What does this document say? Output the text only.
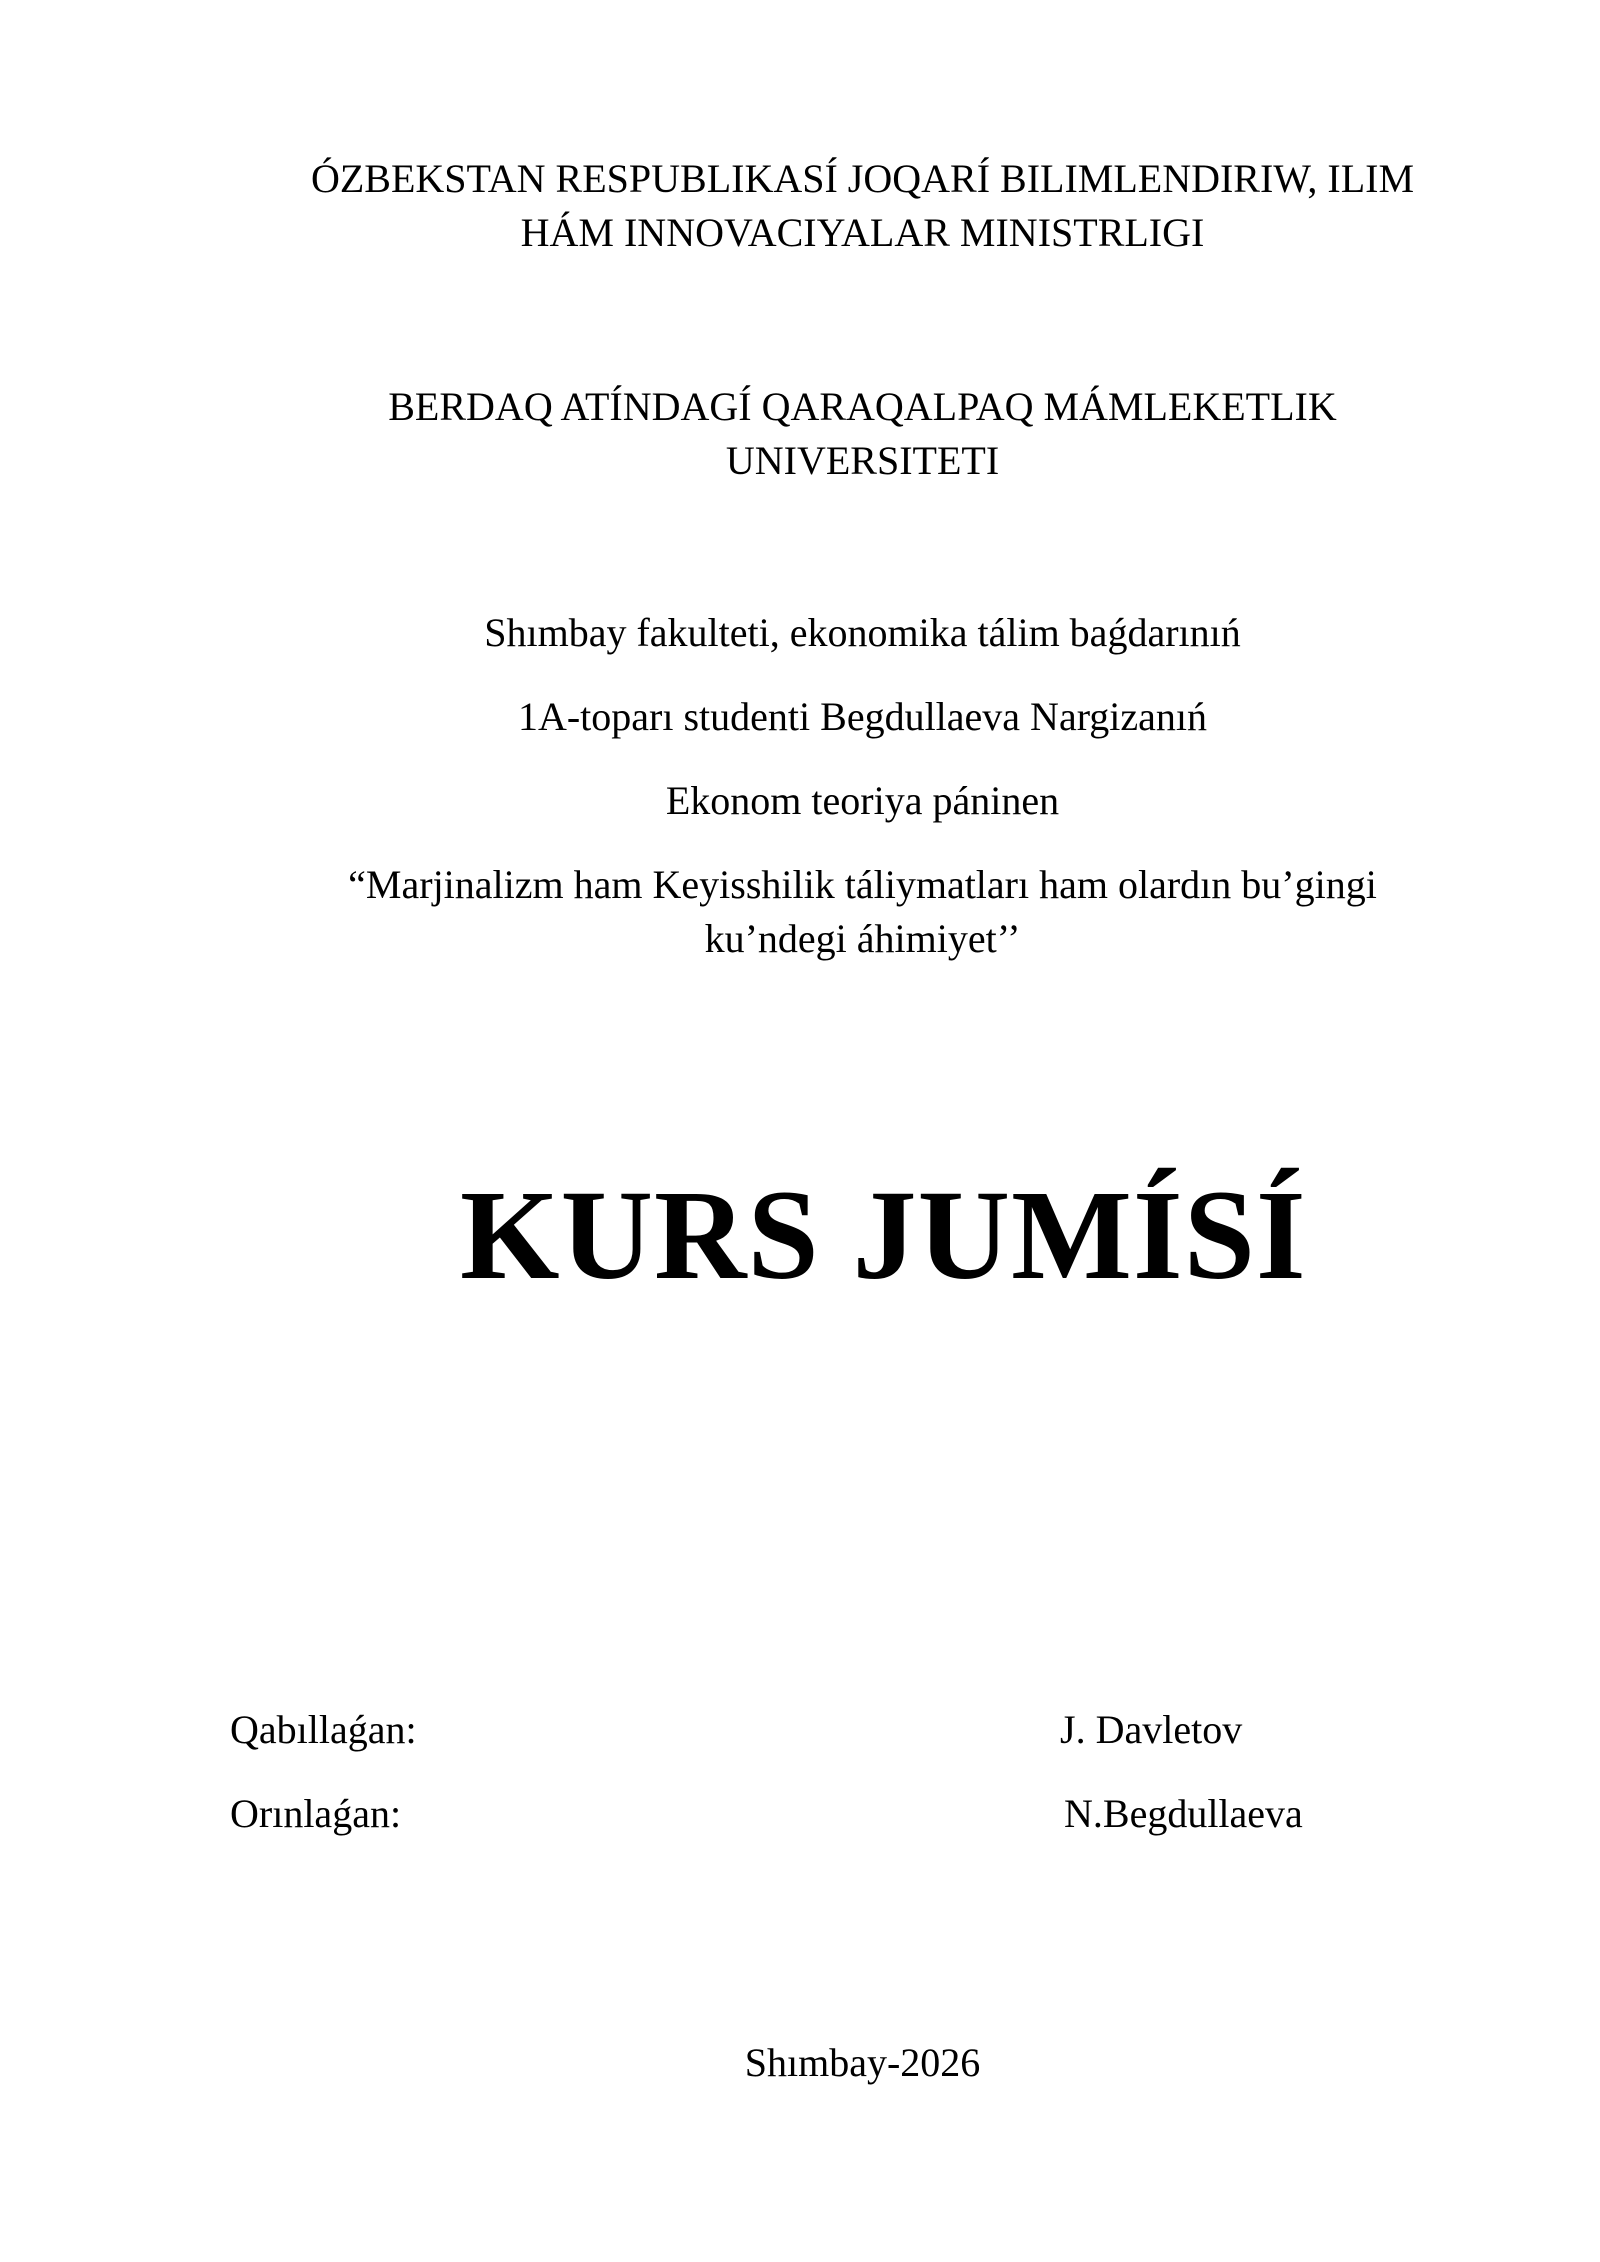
ÓZBEKSTAN RESPUBLIKASÍ JOQARÍ BILIMLENDIRIW, ILIM
HÁM INNOVACIYALAR MINISTRLIGI
BERDAQ ATÍNDAGÍ QARAQALPAQ MÁMLEKETLIK
UNIVERSITETI
Shımbay fakulteti, ekonomika tálim baǵdarınıń
1A-toparı studenti Begdullaeva Nargizanıń
Ekonom teoriya páninen
“Marjinalizm ham Keyisshilik táliymatları ham olardın bu’gingi
ku’ndegi áhimiyet’’
KURS JUMÍSÍ
Qabıllaǵan:	J. Davletov
Orınlaǵan:	N.Begdullaeva
Shımbay-2026
